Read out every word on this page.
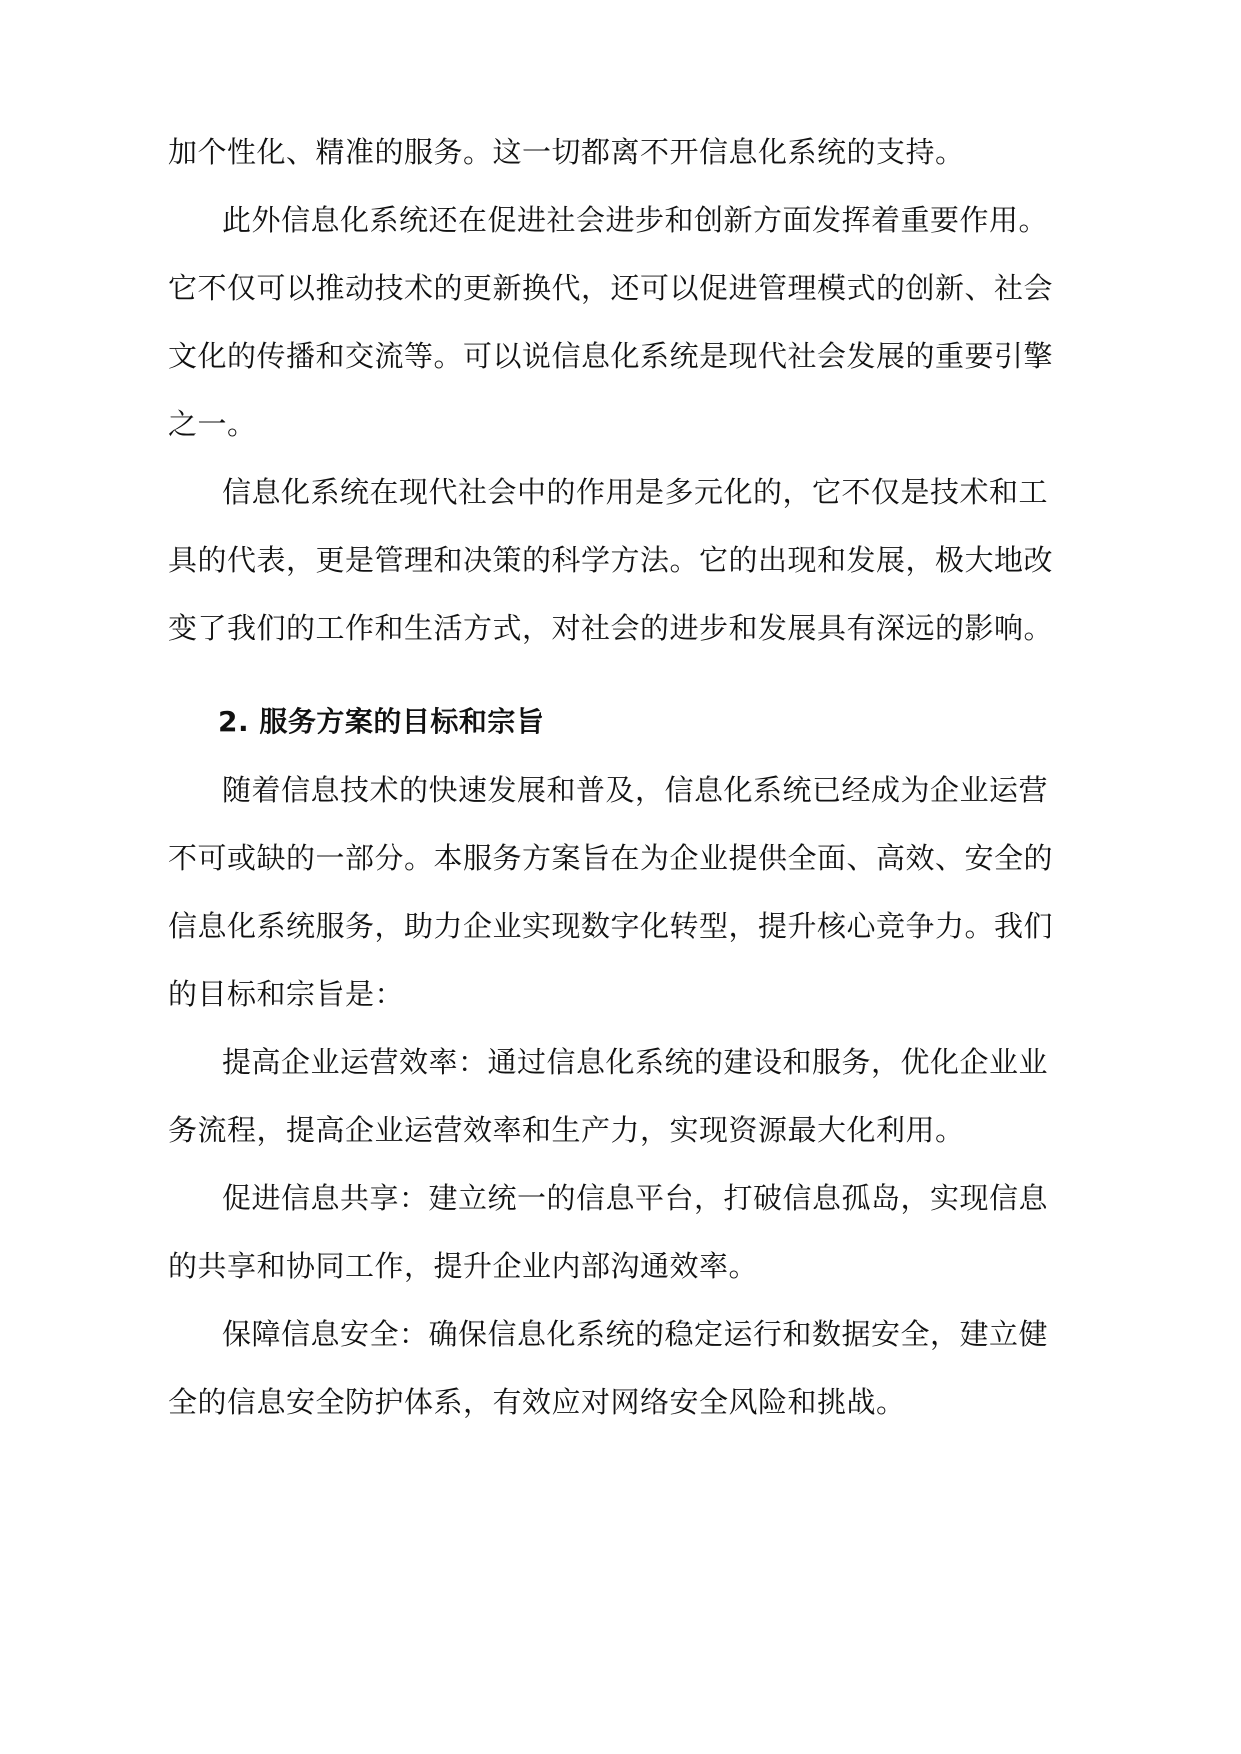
加个性化、精准的服务。这一切都离不开信息化系统的支持。
此外信息化系统还在促进社会进步和创新方面发挥着重要作用。
它不仅可以推动技术的更新换代，还可以促进管理模式的创新、社会
文化的传播和交流等。可以说信息化系统是现代社会发展的重要引擎
之一。
信息化系统在现代社会中的作用是多元化的，它不仅是技术和工
具的代表，更是管理和决策的科学方法。它的出现和发展，极大地改
变了我们的工作和生活方式，对社会的进步和发展具有深远的影响。
2. 服务方案的目标和宗旨
随着信息技术的快速发展和普及，信息化系统已经成为企业运营
不可或缺的一部分。本服务方案旨在为企业提供全面、高效、安全的
信息化系统服务，助力企业实现数字化转型，提升核心竞争力。我们
的目标和宗旨是：
提高企业运营效率：通过信息化系统的建设和服务，优化企业业
务流程，提高企业运营效率和生产力，实现资源最大化利用。
促进信息共享：建立统一的信息平台，打破信息孤岛，实现信息
的共享和协同工作，提升企业内部沟通效率。
保障信息安全：确保信息化系统的稳定运行和数据安全，建立健
全的信息安全防护体系，有效应对网络安全风险和挑战。
